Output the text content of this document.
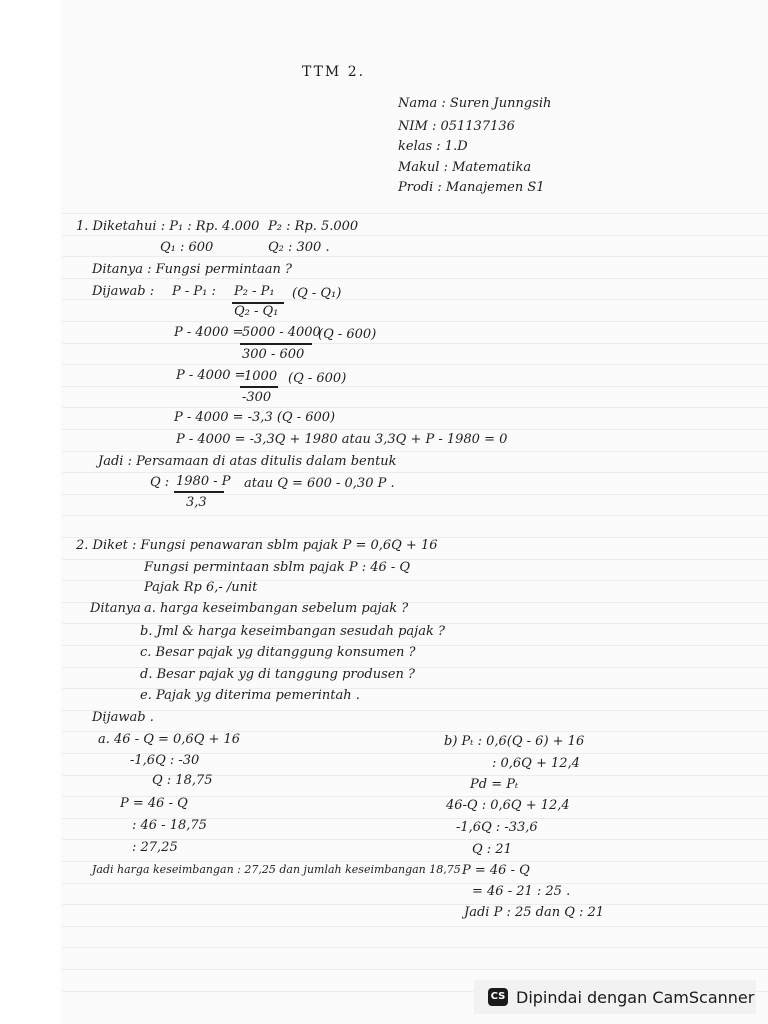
TTM 2.
Nama : Suren Junngsih
NIM : 051137136
kelas : 1.D
Makul : Matematika
Prodi : Manajemen S1
1. Diketahui : P₁ : Rp. 4.000 P₂ : Rp. 5.000
Q₁ : 600	Q₂ : 300 .
Ditanya : Fungsi permintaan ?
Dijawab : P - P₁ : P₂ - P₁
Q₂ - Q₁
(Q - Q₁)
P - 4000 =
5000 - 4000
300 - 600
(Q - 600)
P - 4000 =
1000
-300
(Q - 600)
P - 4000 = -3,3 (Q - 600)
P - 4000 = -3,3Q + 1980 atau 3,3Q + P - 1980 = 0
Jadi : Persamaan di atas ditulis dalam bentuk
Q : 1980 - P
3,3
atau Q = 600 - 0,30 P .
2. Diket : Fungsi penawaran sblm pajak P = 0,6Q + 16
Fungsi permintaan sblm pajak P : 46 - Q
Pajak Rp 6,- /unit
Ditanya a. harga keseimbangan sebelum pajak ?
b. Jml & harga keseimbangan sesudah pajak ?
c. Besar pajak yg ditanggung konsumen ?
d. Besar pajak yg di tanggung produsen ?
e. Pajak yg diterima pemerintah .
Dijawab .
a. 46 - Q = 0,6Q + 16
-1,6Q : -30
Q : 18,75
P = 46 - Q
: 46 - 18,75
: 27,25
Jadi harga keseimbangan : 27,25 dan jumlah keseimbangan 18,75
b) Pₜ : 0,6(Q - 6) + 16
: 0,6Q + 12,4
Pd = Pₜ
46-Q : 0,6Q + 12,4
-1,6Q : -33,6
Q : 21
P = 46 - Q
= 46 - 21 : 25 .
Jadi P : 25 dan Q : 21
CS Dipindai dengan CamScanner
